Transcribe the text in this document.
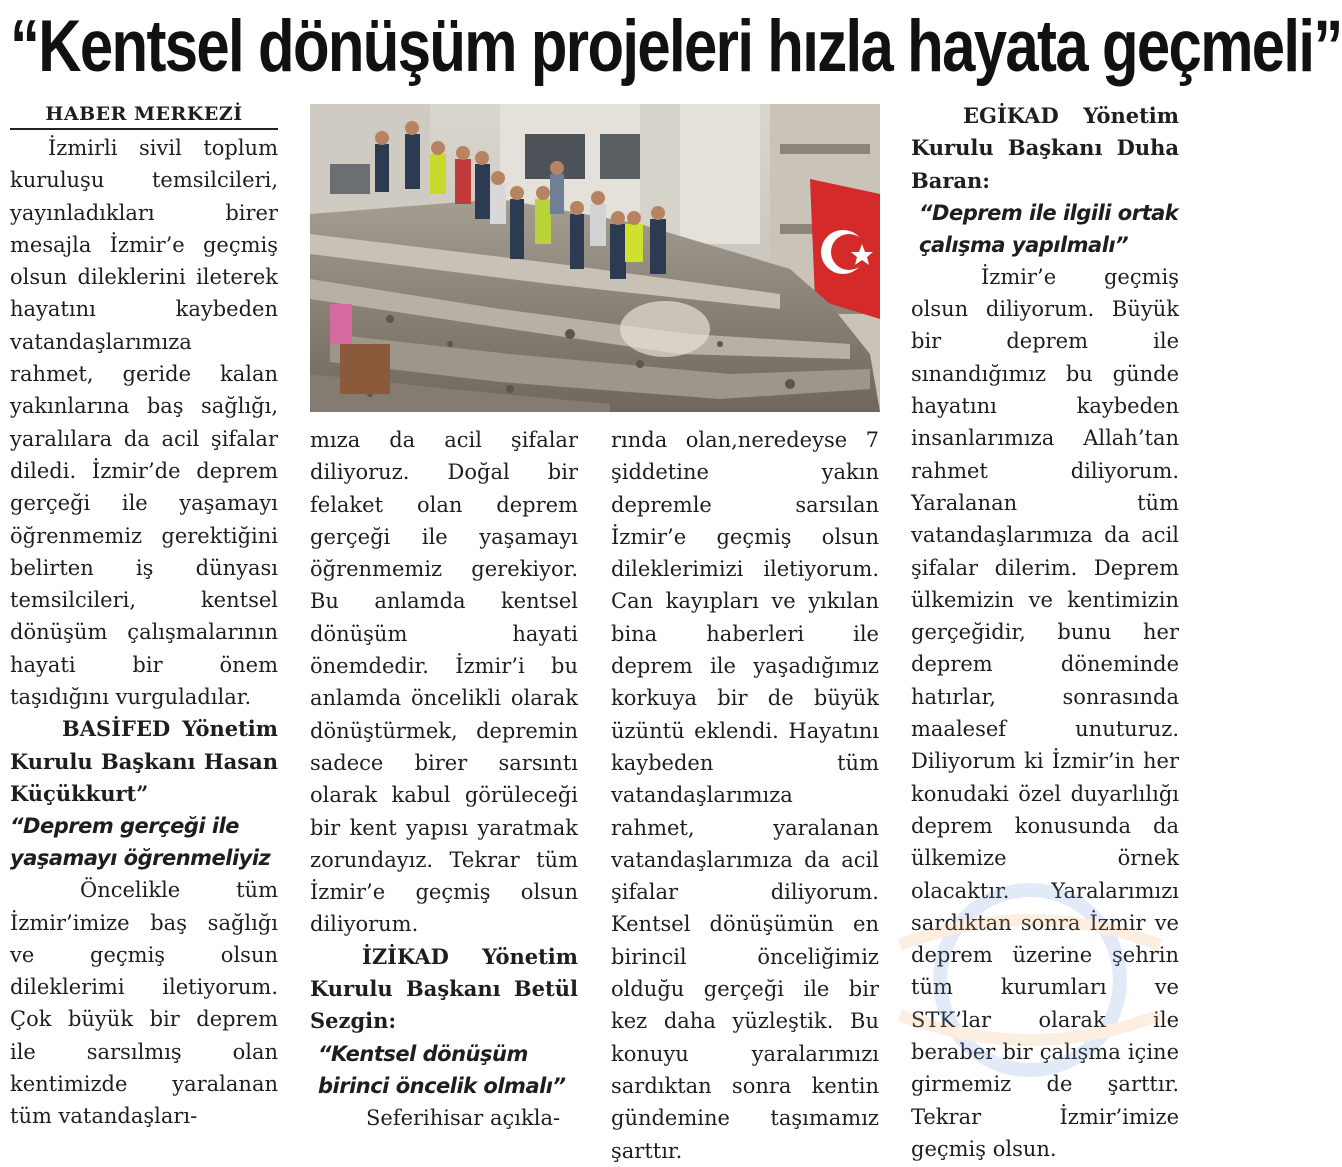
“Kentsel dönüşüm projeleri hızla hayata geçmeli”
HABER MERKEZİ

İzmirli sivil toplum kuruluşu temsilcileri, yayınladıkları birer mesajla İzmir’e geçmiş olsun dileklerini ileterek hayatını kaybeden vatandaşlarımıza rahmet, geride kalan yakınlarına baş sağlığı, yaralılara da acil şifalar diledi. İzmir’de deprem gerçeği ile yaşamayı öğrenmemiz gerektiğini belirten iş dünyası temsilcileri, kentsel dönüşüm çalışmalarının hayati bir önem taşıdığını vurguladılar.

BASİFED Yönetim Kurulu Başkanı Hasan Küçükkurt”

“Deprem gerçeği ile yaşamayı öğrenmeliyiz

Öncelikle tüm İzmir’imize baş sağlığı ve geçmiş olsun dileklerimi iletiyorum. Çok büyük bir deprem ile sarsılmış olan kentimizde yaralanan tüm vatandaşları-

mıza da acil şifalar diliyoruz. Doğal bir felaket olan deprem gerçeği ile yaşamayı öğrenmemiz gerekiyor. Bu anlamda kentsel dönüşüm hayati önemdedir. İzmir’i bu anlamda öncelikli olarak dönüştürmek, depremin sadece birer sarsıntı olarak kabul görüleceği bir kent yapısı yaratmak zorundayız. Tekrar tüm İzmir’e geçmiş olsun diliyorum.

İZİKAD Yönetim Kurulu Başkanı Betül Sezgin:

“Kentsel dönüşüm birinci öncelik olmalı”

Seferihisar açıkla-

rında olan,neredeyse 7 şiddetine yakın depremle sarsılan İzmir’e geçmiş olsun dileklerimizi iletiyorum. Can kayıpları ve yıkılan bina haberleri ile deprem ile yaşadığımız korkuya bir de büyük üzüntü eklendi. Hayatını kaybeden tüm vatandaşlarımıza rahmet, yaralanan vatandaşlarımıza da acil şifalar diliyorum. Kentsel dönüşümün en birincil önceliğimiz olduğu gerçeği ile bir kez daha yüzleştik. Bu konuyu yaralarımızı sardıktan sonra kentin gündemine taşımamız şarttır.

EGİKAD Yönetim Kurulu Başkanı Duha Baran:

“Deprem ile ilgili ortak çalışma yapılmalı”

İzmir’e geçmiş olsun diliyorum. Büyük bir deprem ile sınandığımız bu günde hayatını kaybeden insanlarımıza Allah’tan rahmet diliyorum. Yaralanan tüm vatandaşlarımıza da acil şifalar dilerim. Deprem ülkemizin ve kentimizin gerçeğidir, bunu her deprem döneminde hatırlar, sonrasında maalesef unuturuz. Diliyorum ki İzmir’in her konudaki özel duyarlılığı deprem konusunda da ülkemize örnek olacaktır. Yaralarımızı sardıktan sonra İzmir ve deprem üzerine şehrin tüm kurumları ve STK’lar olarak ile beraber bir çalışma içine girmemiz de şarttır. Tekrar İzmir’imize geçmiş olsun.
